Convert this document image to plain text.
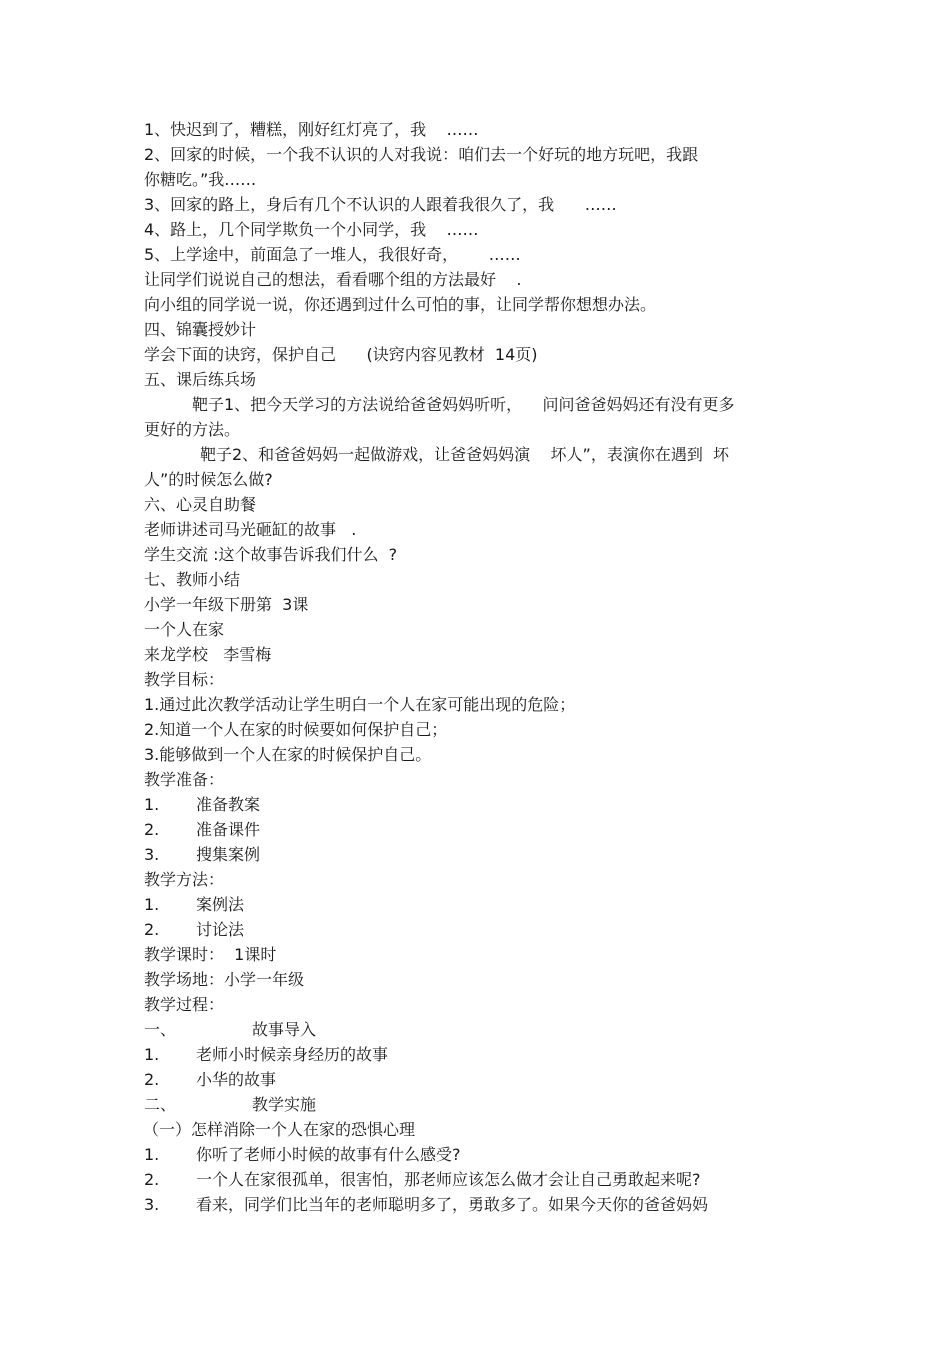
1、快迟到了，糟糕，刚好红灯亮了，我    ……
2、回家的时候，一个我不认识的人对我说：咱们去一个好玩的地方玩吧，我跟
你糖吃。”我……
3、回家的路上，身后有几个不认识的人跟着我很久了，我      ……
4、路上，几个同学欺负一个小同学，我    ……
5、上学途中，前面急了一堆人，我很好奇，      ……
让同学们说说自己的想法，看看哪个组的方法最好    .
向小组的同学说一说，你还遇到过什么可怕的事，让同学帮你想想办法。
四、锦囊授妙计
学会下面的诀窍，保护自己      (诀窍内容见教材  14页)
五、课后练兵场
靶子1、把今天学习的方法说给爸爸妈妈听听，    问问爸爸妈妈还有没有更多
更好的方法。
靶子2、和爸爸妈妈一起做游戏，让爸爸妈妈演    坏人”，表演你在遇到  坏
人”的时候怎么做?
六、心灵自助餐
老师讲述司马光砸缸的故事   .
学生交流 :这个故事告诉我们什么  ?
七、教师小结
小学一年级下册第  3课
一个人在家
来龙学校   李雪梅
教学目标：
1.通过此次教学活动让学生明白一个人在家可能出现的危险；
2.知道一个人在家的时候要如何保护自己；
3.能够做到一个人在家的时候保护自己。
教学准备：
1. 准备教案
2. 准备课件
3. 搜集案例
教学方法：
1. 案例法
2. 讨论法
教学课时：  1课时
教学场地：小学一年级
教学过程：
一、	故事导入
1. 老师小时候亲身经历的故事
2. 小华的故事
二、	教学实施
（一）怎样消除一个人在家的恐惧心理
1. 你听了老师小时候的故事有什么感受?
2. 一个人在家很孤单，很害怕，那老师应该怎么做才会让自己勇敢起来呢?
3. 看来，同学们比当年的老师聪明多了，勇敢多了。如果今天你的爸爸妈妈
